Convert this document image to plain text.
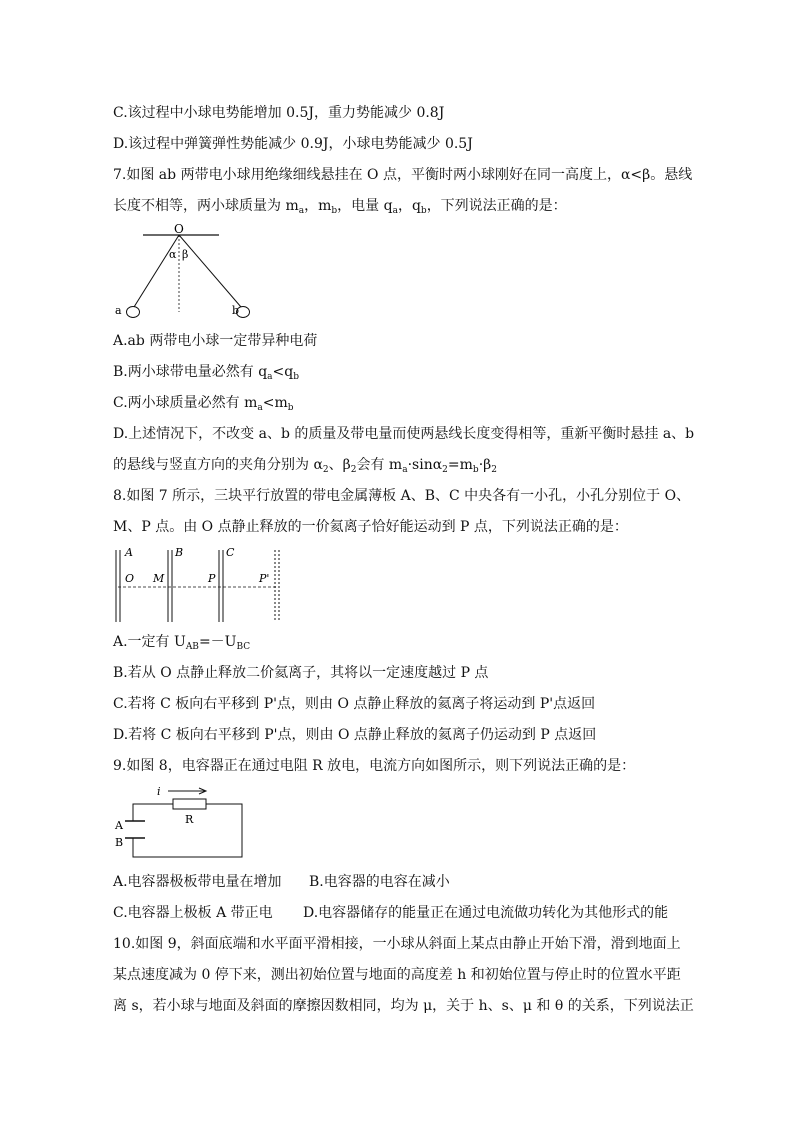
C.该过程中小球电势能增加 0.5J，重力势能减少 0.8J
D.该过程中弹簧弹性势能减少 0.9J，小球电势能减少 0.5J
7.如图 ab 两带电小球用绝缘细线悬挂在 O 点，平衡时两小球刚好在同一高度上，α<β。悬线
长度不相等，两小球质量为 $m_a$，$m_b$，电量 $q_a$，$q_b$，下列说法正确的是：
O
α β
a	b
A.ab 两带电小球一定带异种电荷
B.两小球带电量必然有 $q_a<q_b$
C.两小球质量必然有 $m_a<m_b$
D.上述情况下，不改变 a、b 的质量及带电量而使两悬线长度变得相等，重新平衡时悬挂 a、b
的悬线与竖直方向的夹角分别为 $\alpha_2$、$\beta_2$会有 $m_a\cdot\sin\alpha_2=m_b\cdot\beta_2$
8.如图 7 所示，三块平行放置的带电金属薄板 A、B、C 中央各有一小孔，小孔分别位于 O、
M、P 点。由 O 点静止释放的一价氦离子恰好能运动到 P 点，下列说法正确的是：
A	B	C
O M	P	P'
A.一定有 $U_{AB}=-U_{BC}$
B.若从 O 点静止释放二价氦离子，其将以一定速度越过 P 点
C.若将 C 板向右平移到 P'点，则由 O 点静止释放的氦离子将运动到 P'点返回
D.若将 C 板向右平移到 P'点，则由 O 点静止释放的氦离子仍运动到 P 点返回
9.如图 8，电容器正在通过电阻 R 放电，电流方向如图所示，则下列说法正确的是：
i
R
A
B
A.电容器极板带电量在增加 B.电容器的电容在减小
C.电容器上极板 A 带正电 D.电容器储存的能量正在通过电流做功转化为其他形式的能
10.如图 9，斜面底端和水平面平滑相接，一小球从斜面上某点由静止开始下滑，滑到地面上
某点速度减为 0 停下来，测出初始位置与地面的高度差 h 和初始位置与停止时的位置水平距
离 s，若小球与地面及斜面的摩擦因数相同，均为 μ，关于 h、s、μ 和 θ 的关系，下列说法正
